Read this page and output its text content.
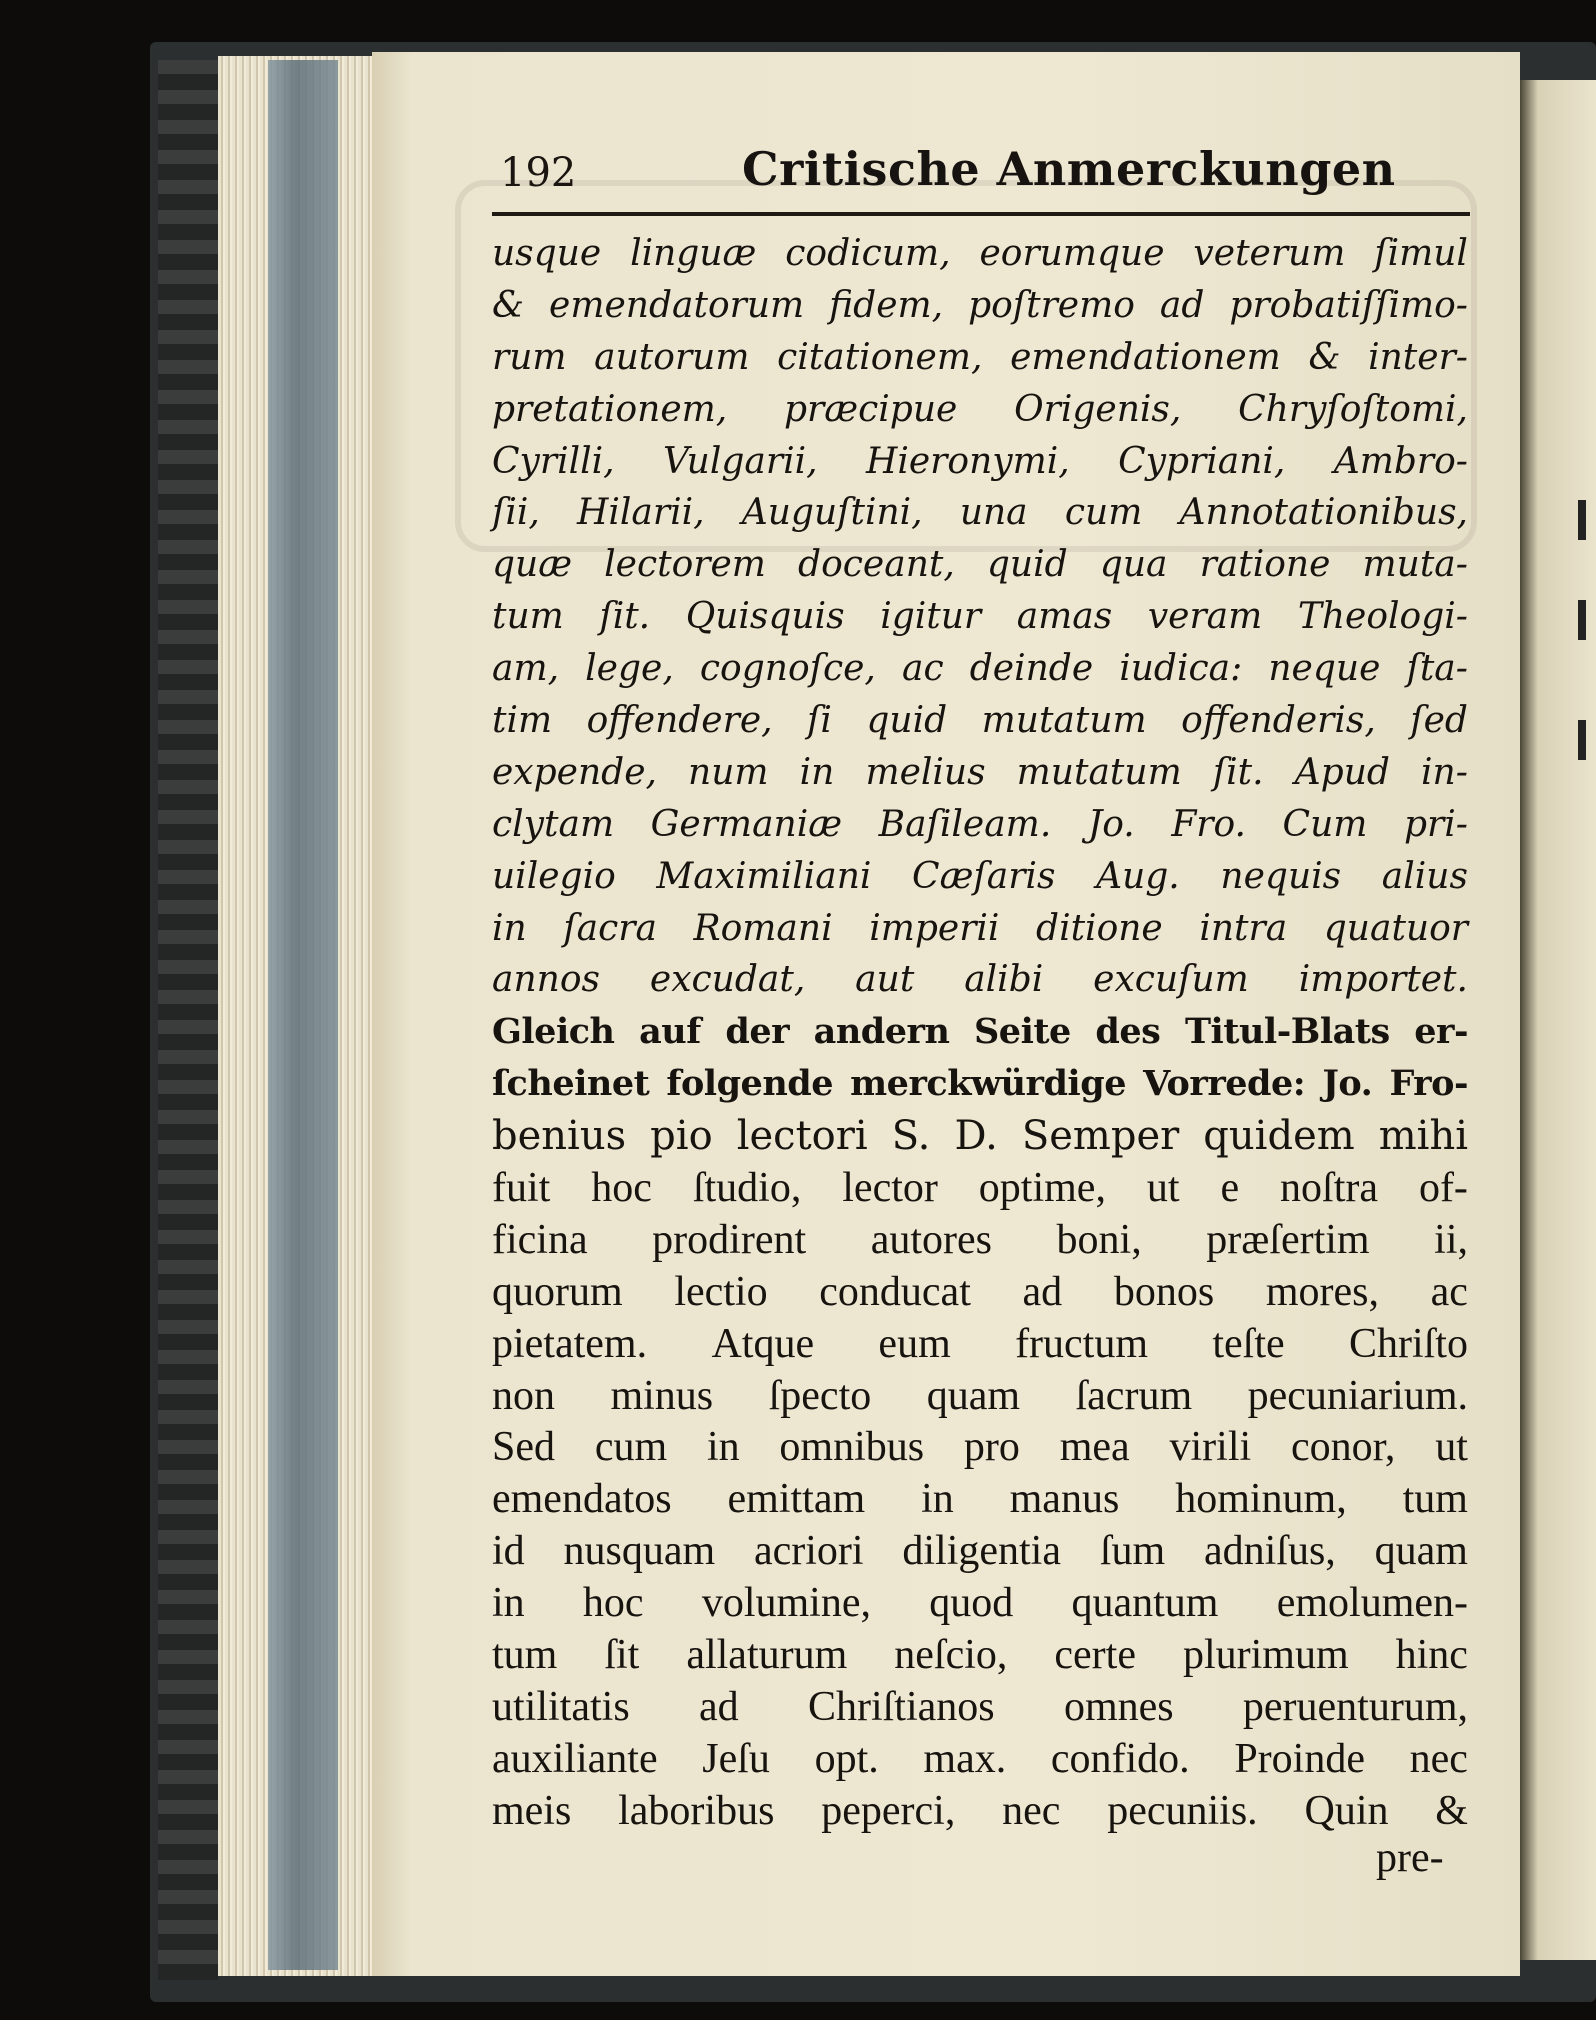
192	Critische Anmerckungen
usque linguæ codicum, eorumque veterum ſimul
& emendatorum fidem, poſtremo ad probatiſſimo-
rum autorum citationem, emendationem & inter-
pretationem, præcipue Origenis, Chryſoſtomi,
Cyrilli, Vulgarii, Hieronymi, Cypriani, Ambro-
ſii, Hilarii, Auguſtini, una cum Annotationibus,
quæ lectorem doceant, quid qua ratione muta-
tum ſit. Quisquis igitur amas veram Theologi-
am, lege, cognoſce, ac deinde iudica: neque ſta-
tim offendere, ſi quid mutatum offenderis, ſed
expende, num in melius mutatum ſit. Apud in-
clytam Germaniæ Baſileam. Jo. Fro. Cum pri-
uilegio Maximiliani Cæſaris Aug. nequis alius
in ſacra Romani imperii ditione intra quatuor
annos excudat, aut alibi excuſum importet.
Gleich auf der andern Seite des Titul-Blats er-
ſcheinet folgende merckwürdige Vorrede: Jo. Fro-
benius pio lectori S. D. Semper quidem mihi
fuit hoc ſtudio, lector optime, ut e noſtra of-
ficina prodirent autores boni, præſertim ii,
quorum lectio conducat ad bonos mores, ac
pietatem. Atque eum fructum teſte Chriſto
non minus ſpecto quam ſacrum pecuniarium.
Sed cum in omnibus pro mea virili conor, ut
emendatos emittam in manus hominum, tum
id nusquam acriori diligentia ſum adniſus, quam
in hoc volumine, quod quantum emolumen-
tum ſit allaturum neſcio, certe plurimum hinc
utilitatis ad Chriſtianos omnes peruenturum,
auxiliante Jeſu opt. max. confido. Proinde nec
meis laboribus peperci, nec pecuniis. Quin &
pre-
